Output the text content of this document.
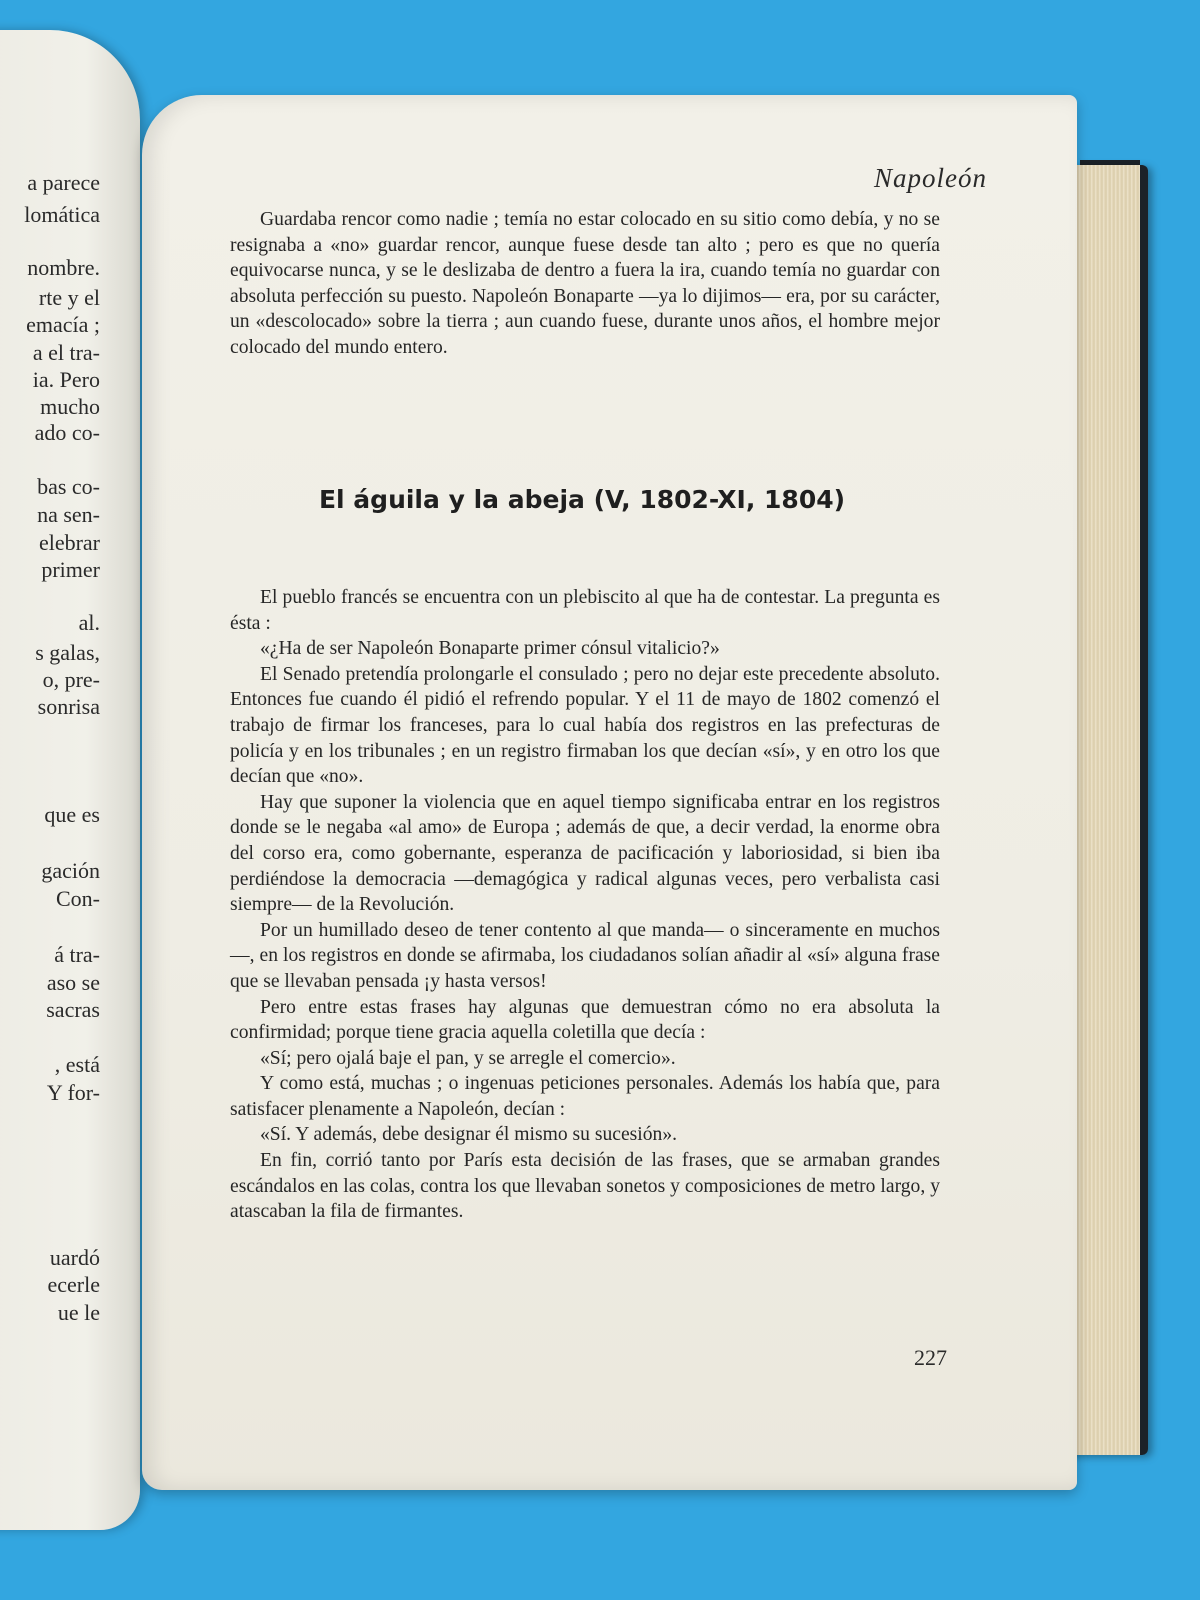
a parece
lomática
nombre.
rte y el
emacía ;
a el tra-
ia. Pero
mucho
ado co-
bas co-
na sen-
elebrar
primer
al.
s galas,
o, pre-
sonrisa
que es
gación
Con-
á tra-
aso se
sacras
, está
Y for-
uardó
ecerle
ue le
Napoleón

Guardaba rencor como nadie ; temía no estar colocado en su sitio como debía, y no se resignaba a «no» guardar rencor, aunque fuese desde tan alto ; pero es que no quería equivocarse nunca, y se le deslizaba de dentro a fuera la ira, cuando temía no guardar con absoluta perfección su puesto. Napoleón Bonaparte —ya lo dijimos— era, por su carácter, un «descolocado» sobre la tierra ; aun cuando fuese, durante unos años, el hombre mejor colocado del mundo entero.

El águila y la abeja (V, 1802-XI, 1804)

El pueblo francés se encuentra con un plebiscito al que ha de contestar. La pregunta es ésta :

«¿Ha de ser Napoleón Bonaparte primer cónsul vitalicio?»

El Senado pretendía prolongarle el consulado ; pero no dejar este precedente absoluto. Entonces fue cuando él pidió el refrendo popular. Y el 11 de mayo de 1802 comenzó el trabajo de firmar los franceses, para lo cual había dos registros en las prefecturas de policía y en los tribunales ; en un registro firmaban los que decían «sí», y en otro los que decían que «no».

Hay que suponer la violencia que en aquel tiempo significaba entrar en los registros donde se le negaba «al amo» de Europa ; además de que, a decir verdad, la enorme obra del corso era, como gobernante, esperanza de pacificación y laboriosidad, si bien iba perdiéndose la democracia —demagógica y radical algunas veces, pero verbalista casi siempre— de la Revolución.

Por un humillado deseo de tener contento al que manda— o sinceramente en muchos—, en los registros en donde se afirmaba, los ciudadanos solían añadir al «sí» alguna frase que se llevaban pensada ¡y hasta versos!

Pero entre estas frases hay algunas que demuestran cómo no era absoluta la confirmidad; porque tiene gracia aquella coletilla que decía :

«Sí; pero ojalá baje el pan, y se arregle el comercio».

Y como está, muchas ; o ingenuas peticiones personales. Además los había que, para satisfacer plenamente a Napoleón, decían :

«Sí. Y además, debe designar él mismo su sucesión».

En fin, corrió tanto por París esta decisión de las frases, que se armaban grandes escándalos en las colas, contra los que llevaban sonetos y composiciones de metro largo, y atascaban la fila de firmantes.

227
